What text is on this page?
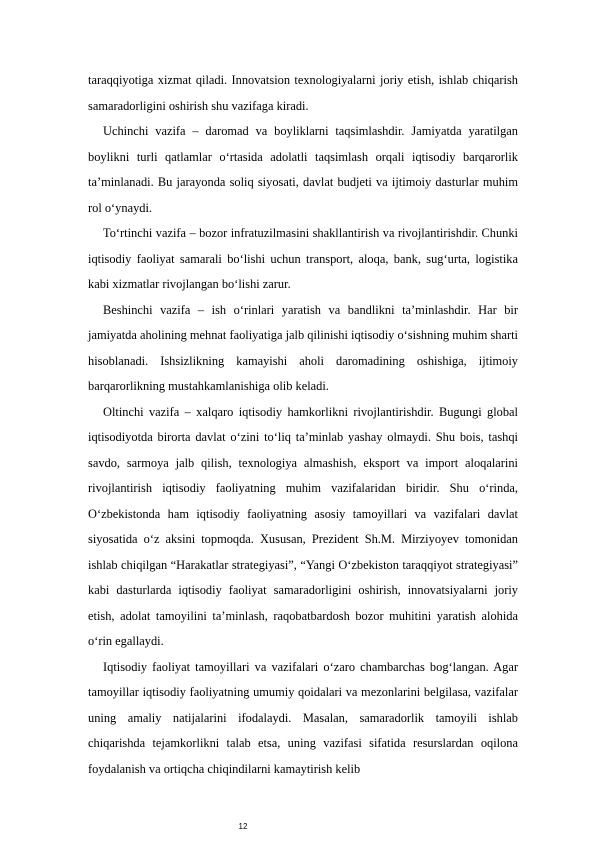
taraqqiyotiga xizmat qiladi. Innovatsion texnologiyalarni joriy etish, ishlab chiqarish samaradorligini oshirish shu vazifaga kiradi.

Uchinchi vazifa – daromad va boyliklarni taqsimlashdir. Jamiyatda yaratilgan boylikni turli qatlamlar o‘rtasida adolatli taqsimlash orqali iqtisodiy barqarorlik ta’minlanadi. Bu jarayonda soliq siyosati, davlat budjeti va ijtimoiy dasturlar muhim rol o‘ynaydi.

To‘rtinchi vazifa – bozor infratuzilmasini shakllantirish va rivojlantirishdir. Chunki iqtisodiy faoliyat samarali bo‘lishi uchun transport, aloqa, bank, sug‘urta, logistika kabi xizmatlar rivojlangan bo‘lishi zarur.

Beshinchi vazifa – ish o‘rinlari yaratish va bandlikni ta’minlashdir. Har bir jamiyatda aholining mehnat faoliyatiga jalb qilinishi iqtisodiy o‘sishning muhim sharti hisoblanadi. Ishsizlikning kamayishi aholi daromadining oshishiga, ijtimoiy barqarorlikning mustahkamlanishiga olib keladi.

Oltinchi vazifa – xalqaro iqtisodiy hamkorlikni rivojlantirishdir. Bugungi global iqtisodiyotda birorta davlat o‘zini to‘liq ta’minlab yashay olmaydi. Shu bois, tashqi savdo, sarmoya jalb qilish, texnologiya almashish, eksport va import aloqalarini rivojlantirish iqtisodiy faoliyatning muhim vazifalaridan biridir. Shu o‘rinda, O‘zbekistonda ham iqtisodiy faoliyatning asosiy tamoyillari va vazifalari davlat siyosatida o‘z aksini topmoqda. Xususan, Prezident Sh.M. Mirziyoyev tomonidan ishlab chiqilgan “Harakatlar strategiyasi”, “Yangi O‘zbekiston taraqqiyot strategiyasi” kabi dasturlarda iqtisodiy faoliyat samaradorligini oshirish, innovatsiyalarni joriy etish, adolat tamoyilini ta’minlash, raqobatbardosh bozor muhitini yaratish alohida o‘rin egallaydi.

Iqtisodiy faoliyat tamoyillari va vazifalari o‘zaro chambarchas bog‘langan. Agar tamoyillar iqtisodiy faoliyatning umumiy qoidalari va mezonlarini belgilasa, vazifalar uning amaliy natijalarini ifodalaydi. Masalan, samaradorlik tamoyili ishlab chiqarishda tejamkorlikni talab etsa, uning vazifasi sifatida resurslardan oqilona foydalanish va ortiqcha chiqindilarni kamaytirish kelib

12
